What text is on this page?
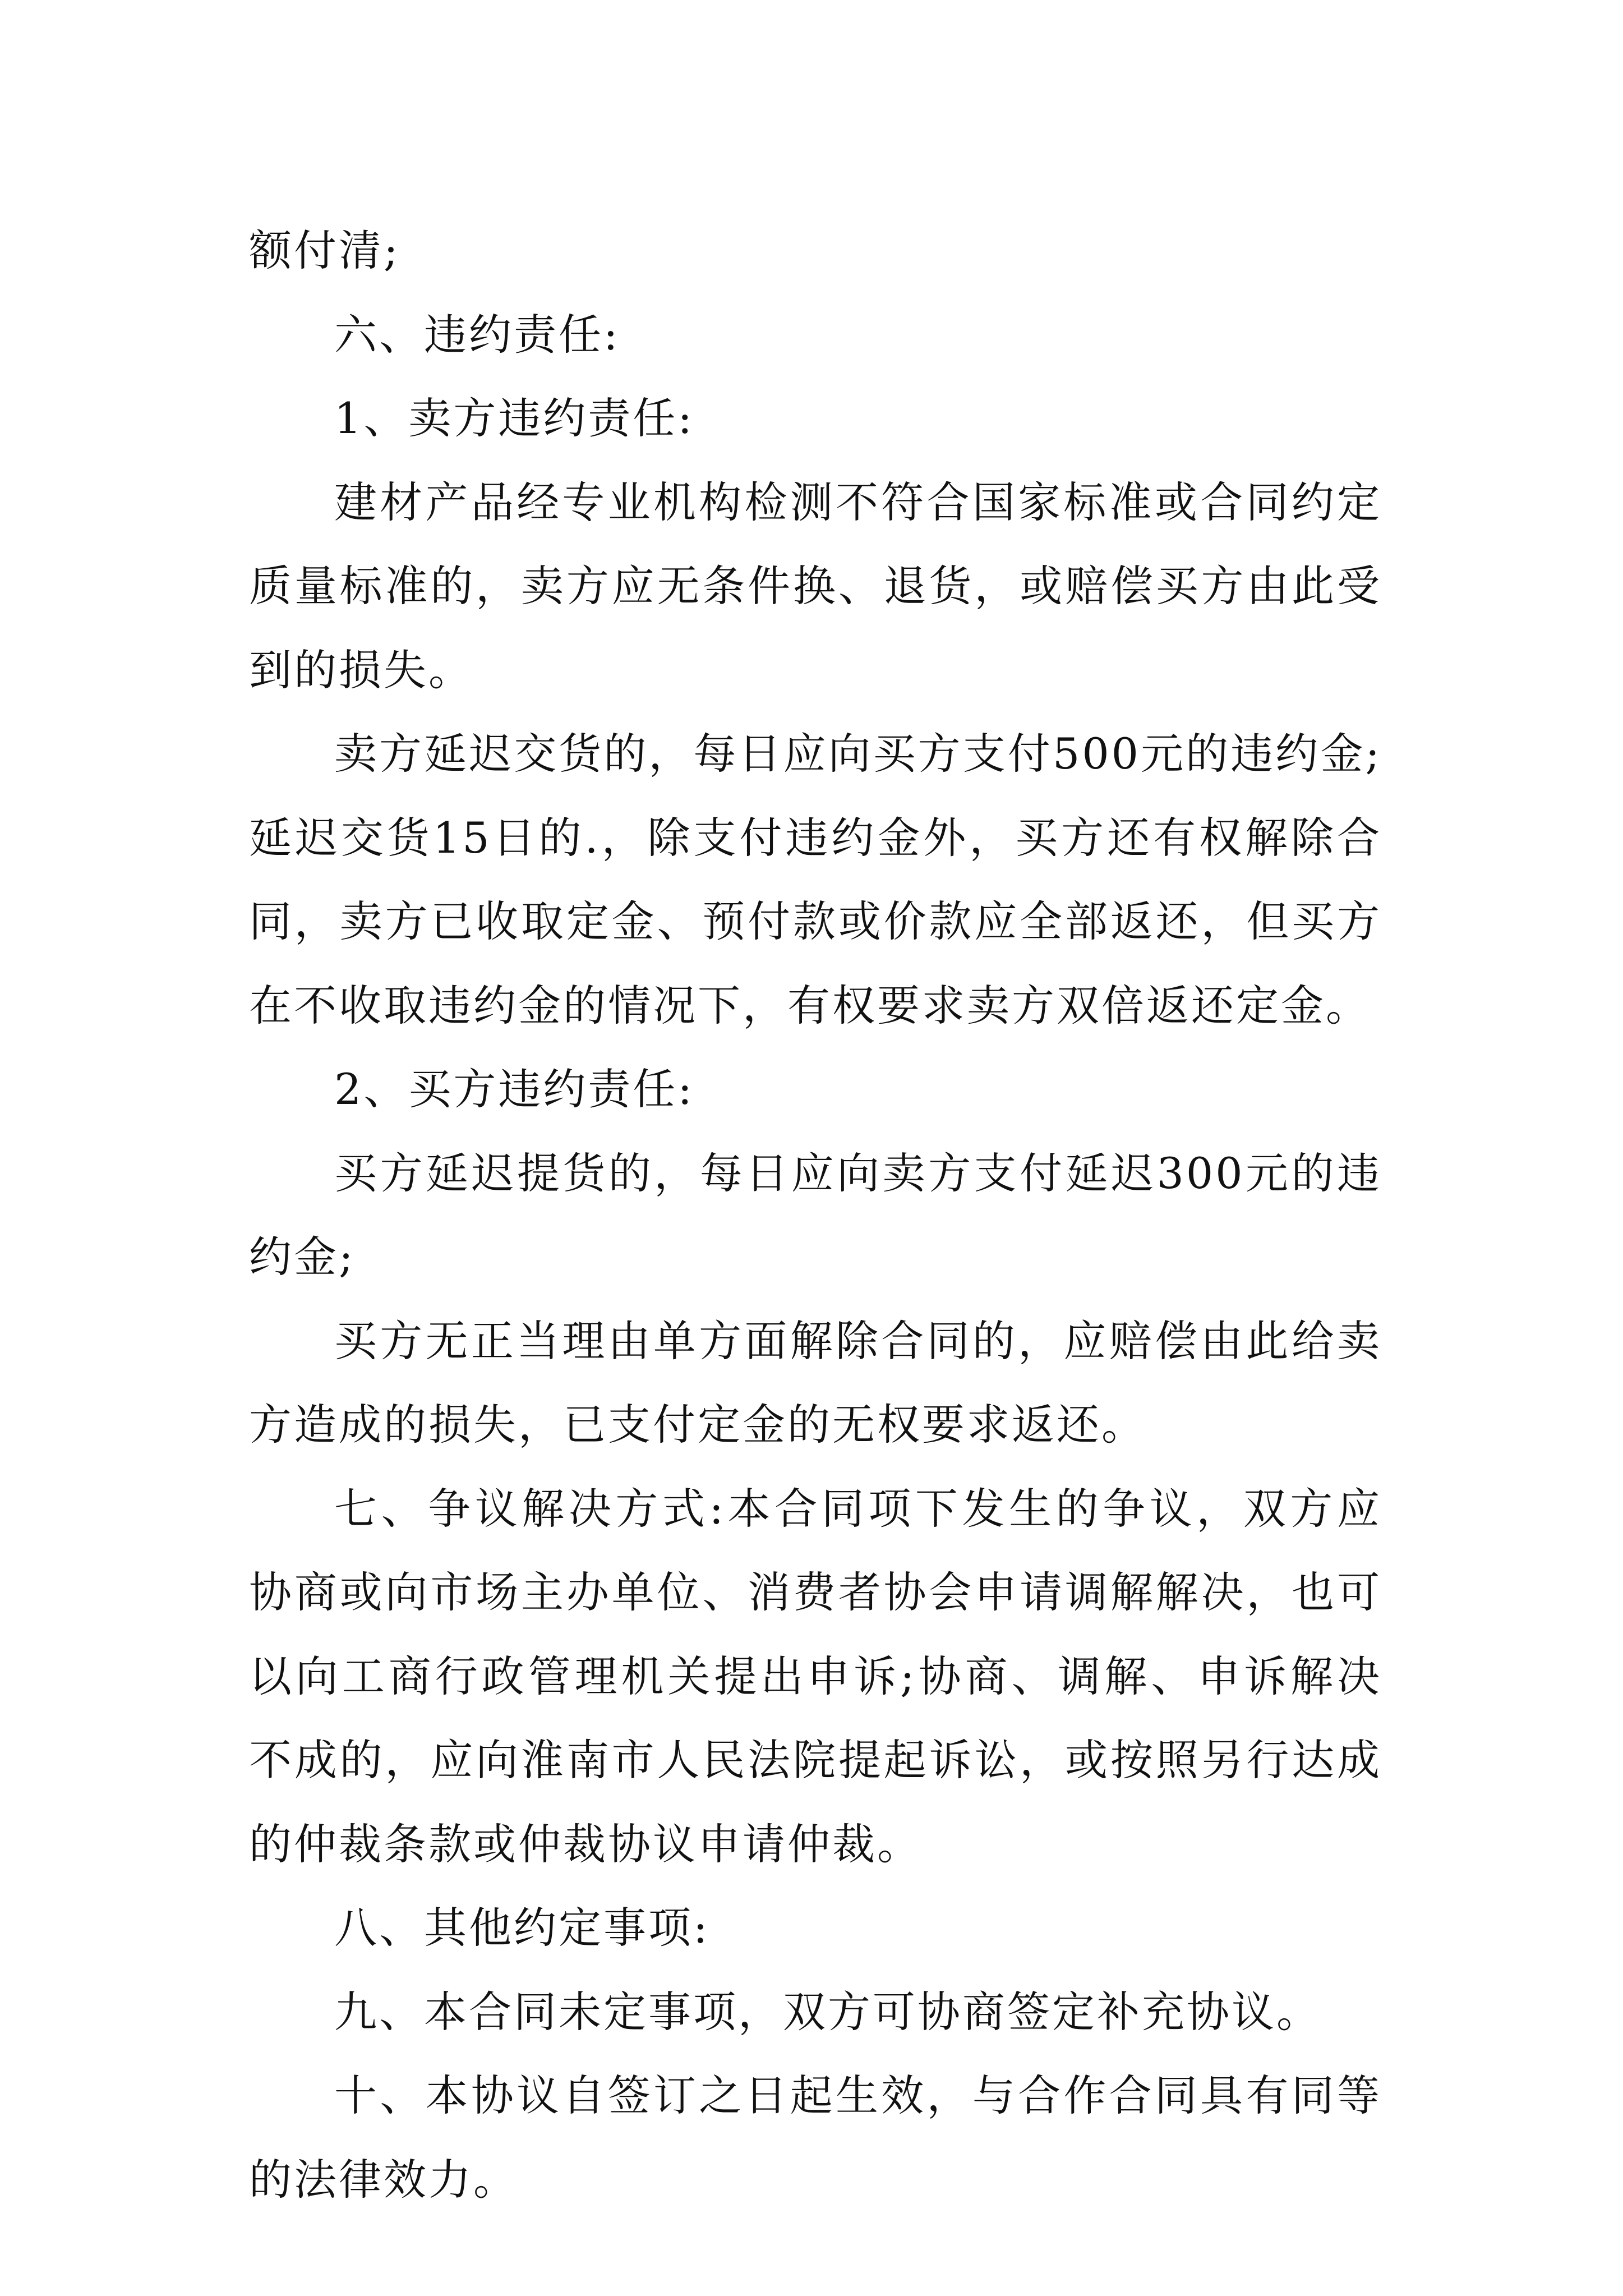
额付清;

六、违约责任:

1、卖方违约责任:

建材产品经专业机构检测不符合国家标准或合同约定质量标准的，卖方应无条件换、退货，或赔偿买方由此受到的损失。

卖方延迟交货的，每日应向买方支付500元的违约金;延迟交货15日的.，除支付违约金外，买方还有权解除合同，卖方已收取定金、预付款或价款应全部返还，但买方在不收取违约金的情况下，有权要求卖方双倍返还定金。

2、买方违约责任:

买方延迟提货的，每日应向卖方支付延迟300元的违约金;

买方无正当理由单方面解除合同的，应赔偿由此给卖方造成的损失，已支付定金的无权要求返还。

七、争议解决方式:本合同项下发生的争议，双方应协商或向市场主办单位、消费者协会申请调解解决，也可以向工商行政管理机关提出申诉;协商、调解、申诉解决不成的，应向淮南市人民法院提起诉讼，或按照另行达成的仲裁条款或仲裁协议申请仲裁。

八、其他约定事项:

九、本合同未定事项，双方可协商签定补充协议。

十、本协议自签订之日起生效，与合作合同具有同等的法律效力。
